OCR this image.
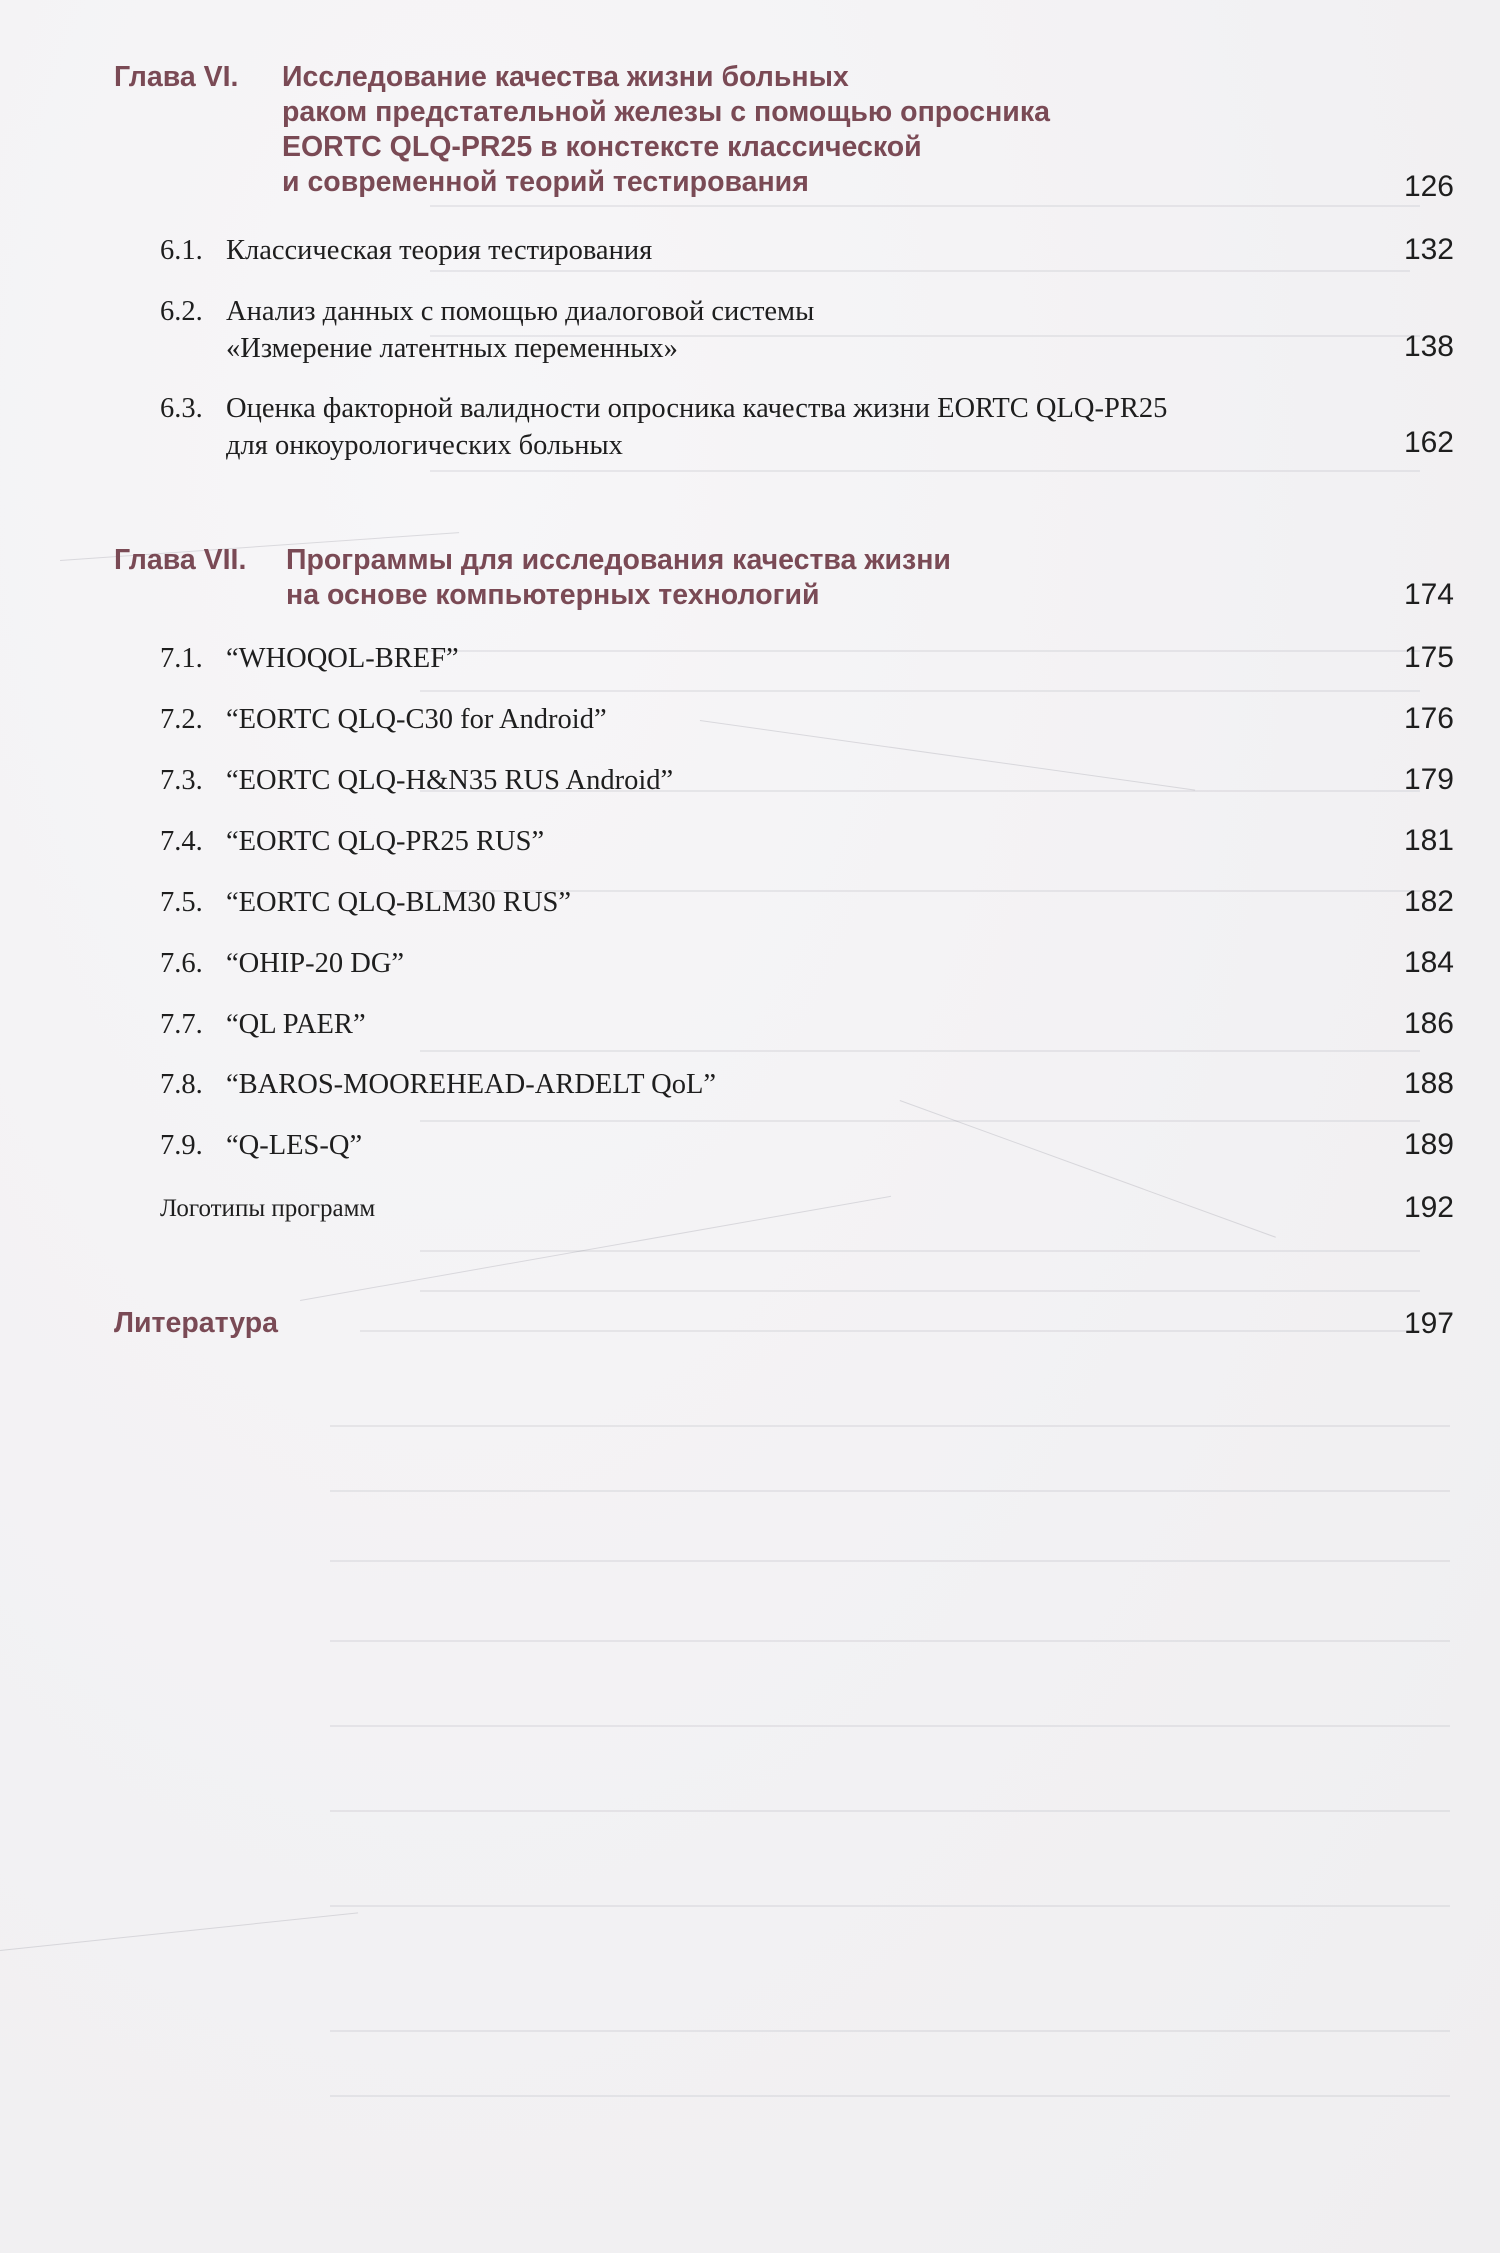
Глава VI. Исследование качества жизни больных
раком предстательной железы с помощью опросника
EORTC QLQ-PR25 в констексте классической
и современной теорий тестирования	126
6.1. Классическая теория тестирования	132
6.2. Анализ данных с помощью диалоговой системы
«Измерение латентных переменных»	138
6.3. Оценка факторной валидности опросника качества жизни EORTC QLQ-PR25
для онкоурологических больных	162
Глава VII. Программы для исследования качества жизни
на основе компьютерных технологий	174
7.1. “WHOQOL-BREF”	175
7.2. “EORTC QLQ-C30 for Android”	176
7.3. “EORTC QLQ-H&N35 RUS Android”	179
7.4. “EORTC QLQ-PR25 RUS”	181
7.5. “EORTC QLQ-BLM30 RUS”	182
7.6. “OHIP-20 DG”	184
7.7. “QL PAER”	186
7.8. “BAROS-MOOREHEAD-ARDELT QoL”	188
7.9. “Q-LES-Q”	189
Логотипы программ	192
Литература	197
